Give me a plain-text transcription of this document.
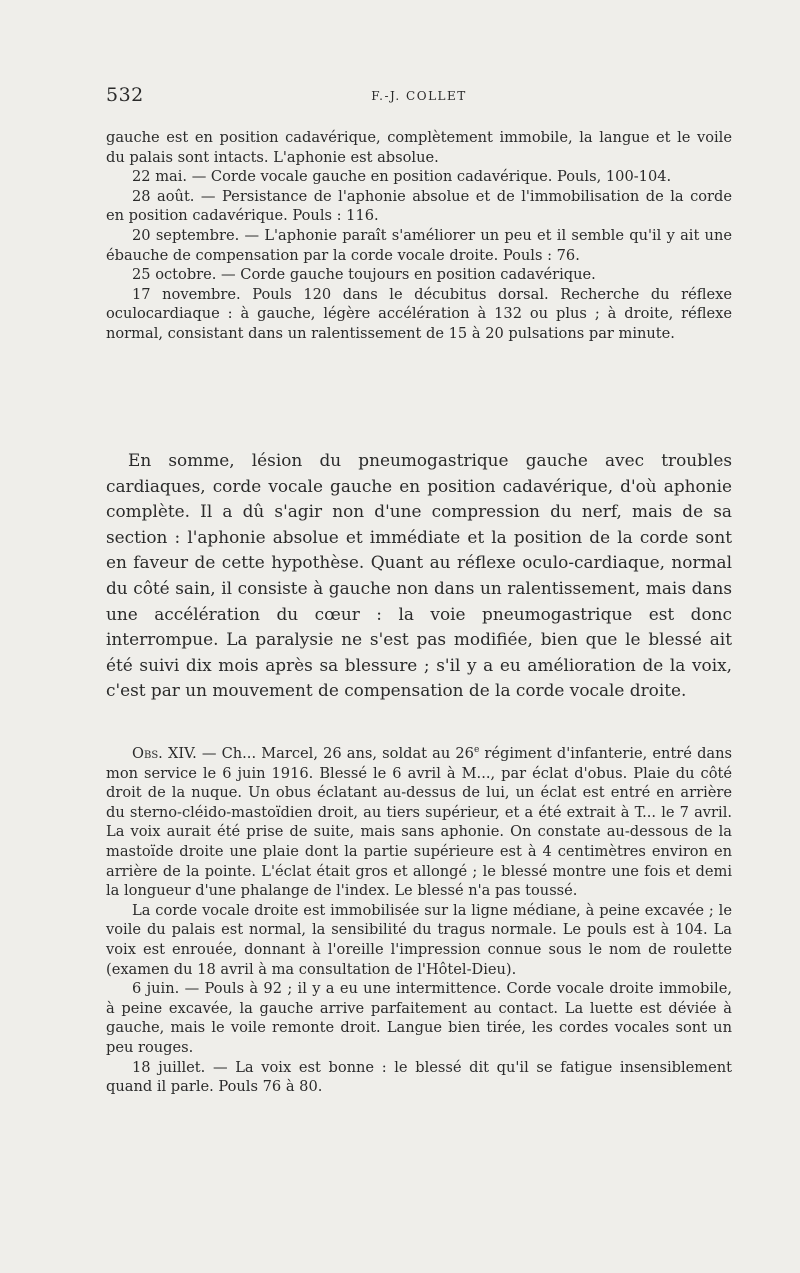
532	F.-J. COLLET

gauche est en position cadavérique, complètement immobile, la langue et le voile du palais sont intacts. L'aphonie est absolue.

22 mai. — Corde vocale gauche en position cadavérique. Pouls, 100-104.

28 août. — Persistance de l'aphonie absolue et de l'immobilisation de la corde en position cadavérique. Pouls : 116.

20 septembre. — L'aphonie paraît s'améliorer un peu et il semble qu'il y ait une ébauche de compensation par la corde vocale droite. Pouls : 76.

25 octobre. — Corde gauche toujours en position cadavérique.

17 novembre. Pouls 120 dans le décubitus dorsal. Recherche du réflexe oculocardiaque : à gauche, légère accélération à 132 ou plus ; à droite, réflexe normal, consistant dans un ralentissement de 15 à 20 pulsations par minute.

En somme, lésion du pneumogastrique gauche avec troubles cardiaques, corde vocale gauche en position cadavérique, d'où aphonie complète. Il a dû s'agir non d'une compression du nerf, mais de sa section : l'aphonie absolue et immédiate et la position de la corde sont en faveur de cette hypothèse. Quant au réflexe oculo-cardiaque, normal du côté sain, il consiste à gauche non dans un ralentissement, mais dans une accélération du cœur : la voie pneumogastrique est donc interrompue. La paralysie ne s'est pas modifiée, bien que le blessé ait été suivi dix mois après sa blessure ; s'il y a eu amélioration de la voix, c'est par un mouvement de compensation de la corde vocale droite.

Obs. XIV. — Ch... Marcel, 26 ans, soldat au 26e régiment d'infanterie, entré dans mon service le 6 juin 1916. Blessé le 6 avril à M..., par éclat d'obus. Plaie du côté droit de la nuque. Un obus éclatant au-dessus de lui, un éclat est entré en arrière du sterno-cléido-mastoïdien droit, au tiers supérieur, et a été extrait à T... le 7 avril. La voix aurait été prise de suite, mais sans aphonie. On constate au-dessous de la mastoïde droite une plaie dont la partie supérieure est à 4 centimètres environ en arrière de la pointe. L'éclat était gros et allongé ; le blessé montre une fois et demi la longueur d'une phalange de l'index. Le blessé n'a pas toussé.

La corde vocale droite est immobilisée sur la ligne médiane, à peine excavée ; le voile du palais est normal, la sensibilité du tragus normale. Le pouls est à 104. La voix est enrouée, donnant à l'oreille l'impression connue sous le nom de roulette (examen du 18 avril à ma consultation de l'Hôtel-Dieu).

6 juin. — Pouls à 92 ; il y a eu une intermittence. Corde vocale droite immobile, à peine excavée, la gauche arrive parfaitement au contact. La luette est déviée à gauche, mais le voile remonte droit. Langue bien tirée, les cordes vocales sont un peu rouges.

18 juillet. — La voix est bonne : le blessé dit qu'il se fatigue insensiblement quand il parle. Pouls 76 à 80.
